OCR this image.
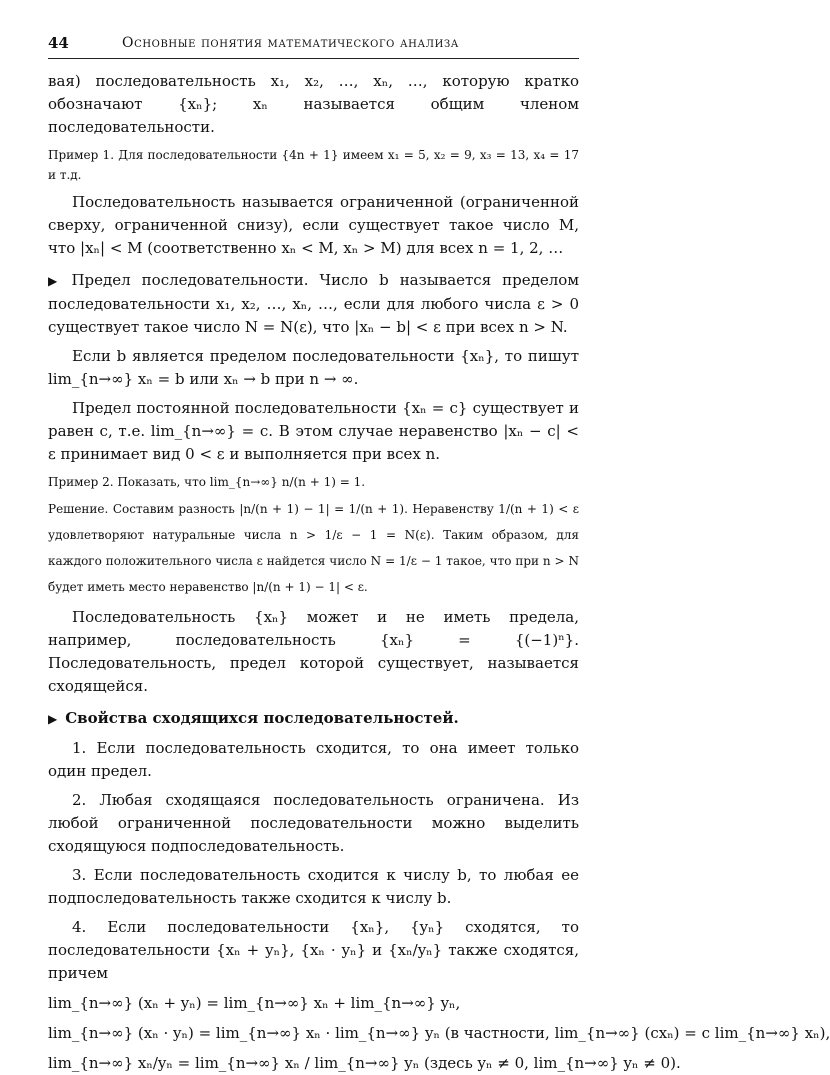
44	Основные понятия математического анализа

вая) последовательность x₁, x₂, …, xₙ, …, которую кратко обозначают {xₙ}; xₙ называется общим членом последовательности.

Пример 1. Для последовательности {4n + 1} имеем x₁ = 5, x₂ = 9, x₃ = 13, x₄ = 17 и т.д.

Последовательность называется ограниченной (ограниченной сверху, ограниченной снизу), если существует такое число M, что |xₙ| < M (соответственно xₙ < M, xₙ > M) для всех n = 1, 2, …

▶ Предел последовательности. Число b называется пределом последовательности x₁, x₂, …, xₙ, …, если для любого числа ε > 0 существует такое число N = N(ε), что |xₙ − b| < ε при всех n > N.

Если b является пределом последовательности {xₙ}, то пишут lim_{n→∞} xₙ = b или xₙ → b при n → ∞.

Предел постоянной последовательности {xₙ = c} существует и равен c, т.е. lim_{n→∞} = c. В этом случае неравенство |xₙ − c| < ε принимает вид 0 < ε и выполняется при всех n.

Пример 2. Показать, что lim_{n→∞} n/(n + 1) = 1.

Решение. Составим разность |n/(n + 1) − 1| = 1/(n + 1). Неравенству 1/(n + 1) < ε удовлетворяют натуральные числа n > 1/ε − 1 = N(ε). Таким образом, для каждого положительного числа ε найдется число N = 1/ε − 1 такое, что при n > N будет иметь место неравенство |n/(n + 1) − 1| < ε.

Последовательность {xₙ} может и не иметь предела, например, последовательность {xₙ} = {(−1)ⁿ}. Последовательность, предел которой существует, называется сходящейся.

▶ Свойства сходящихся последовательностей.

1. Если последовательность сходится, то она имеет только один предел.

2. Любая сходящаяся последовательность ограничена. Из любой ограниченной последовательности можно выделить сходящуюся подпоследовательность.

3. Если последовательность сходится к числу b, то любая ее подпоследовательность также сходится к числу b.

4. Если последовательности {xₙ}, {yₙ} сходятся, то последовательности {xₙ + yₙ}, {xₙ · yₙ} и {xₙ/yₙ} также сходятся, причем

lim_{n→∞} (xₙ + yₙ) = lim_{n→∞} xₙ + lim_{n→∞} yₙ,

lim_{n→∞} (xₙ · yₙ) = lim_{n→∞} xₙ · lim_{n→∞} yₙ (в частности, lim_{n→∞} (cxₙ) = c lim_{n→∞} xₙ),

lim_{n→∞} xₙ/yₙ = lim_{n→∞} xₙ / lim_{n→∞} yₙ (здесь yₙ ≠ 0, lim_{n→∞} yₙ ≠ 0).
